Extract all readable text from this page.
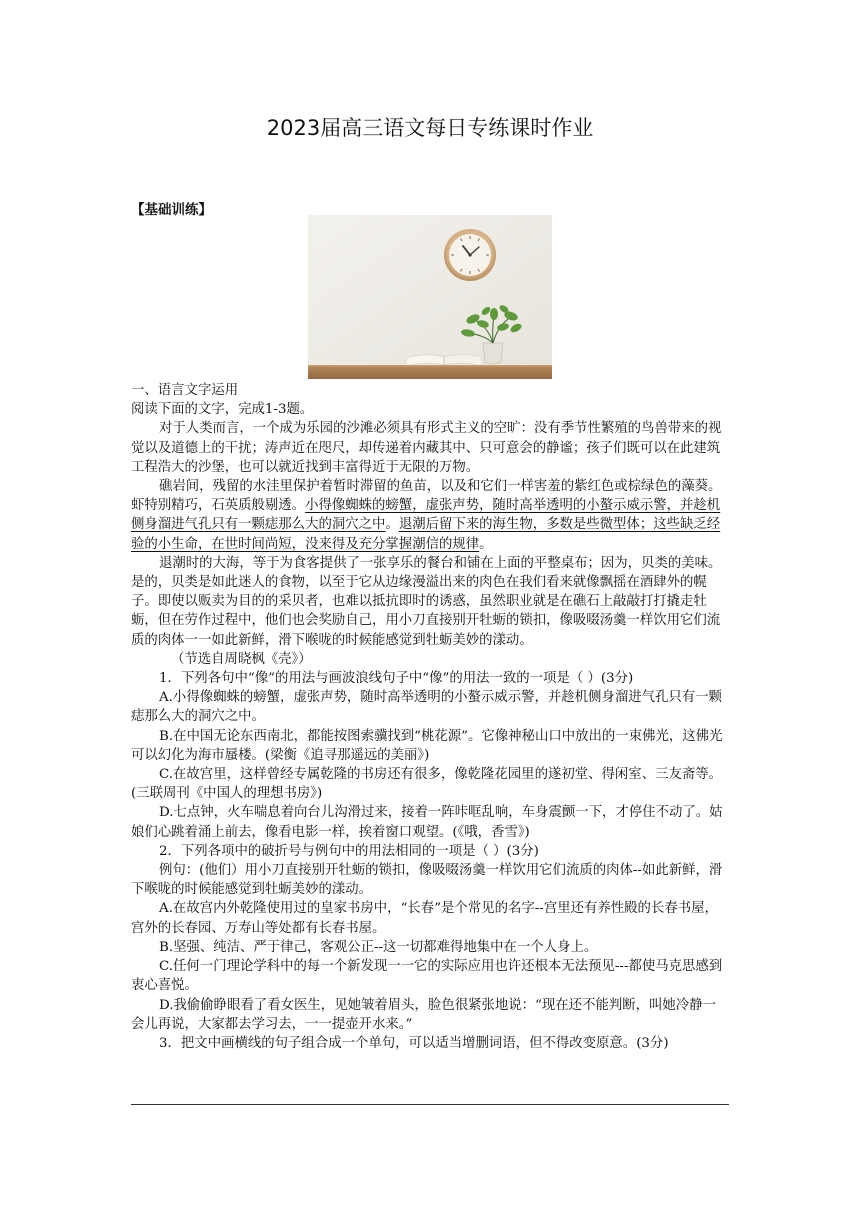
2023届高三语文每日专练课时作业
【基础训练】

一、语言文字运用

阅读下面的文字，完成1-3题。

对于人类而言，一个成为乐园的沙滩必须具有形式主义的空旷：没有季节性繁殖的鸟兽带来的视觉以及道德上的干扰；涛声近在咫尺，却传递着内藏其中、只可意会的静谧；孩子们既可以在此建筑工程浩大的沙堡，也可以就近找到丰富得近于无限的万物。

礁岩间，残留的水洼里保护着暂时滞留的鱼苗，以及和它们一样害羞的紫红色或棕绿色的藻葵。虾特别精巧，石英质般剔透。小得像蜘蛛的螃蟹，虚张声势，随时高举透明的小螯示威示警，并趁机侧身溜进气孔只有一颗痣那么大的洞穴之中。退潮后留下来的海生物，多数是些微型体；这些缺乏经验的小生命，在世时间尚短，没来得及充分掌握潮信的规律。

退潮时的大海，等于为食客提供了一张享乐的餐台和铺在上面的平整桌布；因为，贝类的美味。是的，贝类是如此迷人的食物，以至于它从边缘漫溢出来的肉色在我们看来就像飘摇在酒肆外的幌子。即使以贩卖为目的的采贝者，也难以抵抗即时的诱惑，虽然职业就是在礁石上敲敲打打撬走牡蛎，但在劳作过程中，他们也会奖励自己，用小刀直接别开牡蛎的锁扣，像吸啜汤羹一样饮用它们流质的肉体一一如此新鲜，滑下喉咙的时候能感觉到牡蛎美妙的漾动。

（节选自周晓枫《壳》）

1．下列各句中“像”的用法与画波浪线句子中“像”的用法一致的一项是（ ）(3分)

A.小得像蜘蛛的螃蟹，虚张声势，随时高举透明的小螯示威示警，并趁机侧身溜进气孔只有一颗痣那么大的洞穴之中。

B.在中国无论东西南北，都能按图索骥找到“桃花源”。它像神秘山口中放出的一束佛光，这佛光可以幻化为海市蜃楼。(梁衡《追寻那遥远的美丽》)

C.在故宫里，这样曾经专属乾隆的书房还有很多，像乾隆花园里的遂初堂、得闲室、三友斋等。(三联周刊《中国人的理想书房》)

D.七点钟，火车喘息着向台儿沟滑过来，接着一阵咔哐乱响，车身震颤一下，才停住不动了。姑娘们心跳着涌上前去，像看电影一样，挨着窗口观望。(《哦，香雪》)

2．下列各项中的破折号与例句中的用法相同的一项是（ ）(3分)

例句：(他们）用小刀直接别开牡蛎的锁扣，像吸啜汤羹一样饮用它们流质的肉体--如此新鲜，滑下喉咙的时候能感觉到牡蛎美妙的漾动。

A.在故宫内外乾隆使用过的皇家书房中，“长春”是个常见的名字--宫里还有养性殿的长春书屋，宫外的长春园、万寿山等处都有长春书屋。

B.坚强、纯洁、严于律己，客观公正--这一切都难得地集中在一个人身上。

C.任何一门理论学科中的每一个新发现一一它的实际应用也许还根本无法预见---都使马克思感到衷心喜悦。

D.我偷偷睁眼看了看女医生，见她皱着眉头，脸色很紧张地说：“现在还不能判断，叫她冷静一会儿再说，大家都去学习去，一一提壶开水来。”

3．把文中画横线的句子组合成一个单句，可以适当增删词语，但不得改变原意。(3分)
